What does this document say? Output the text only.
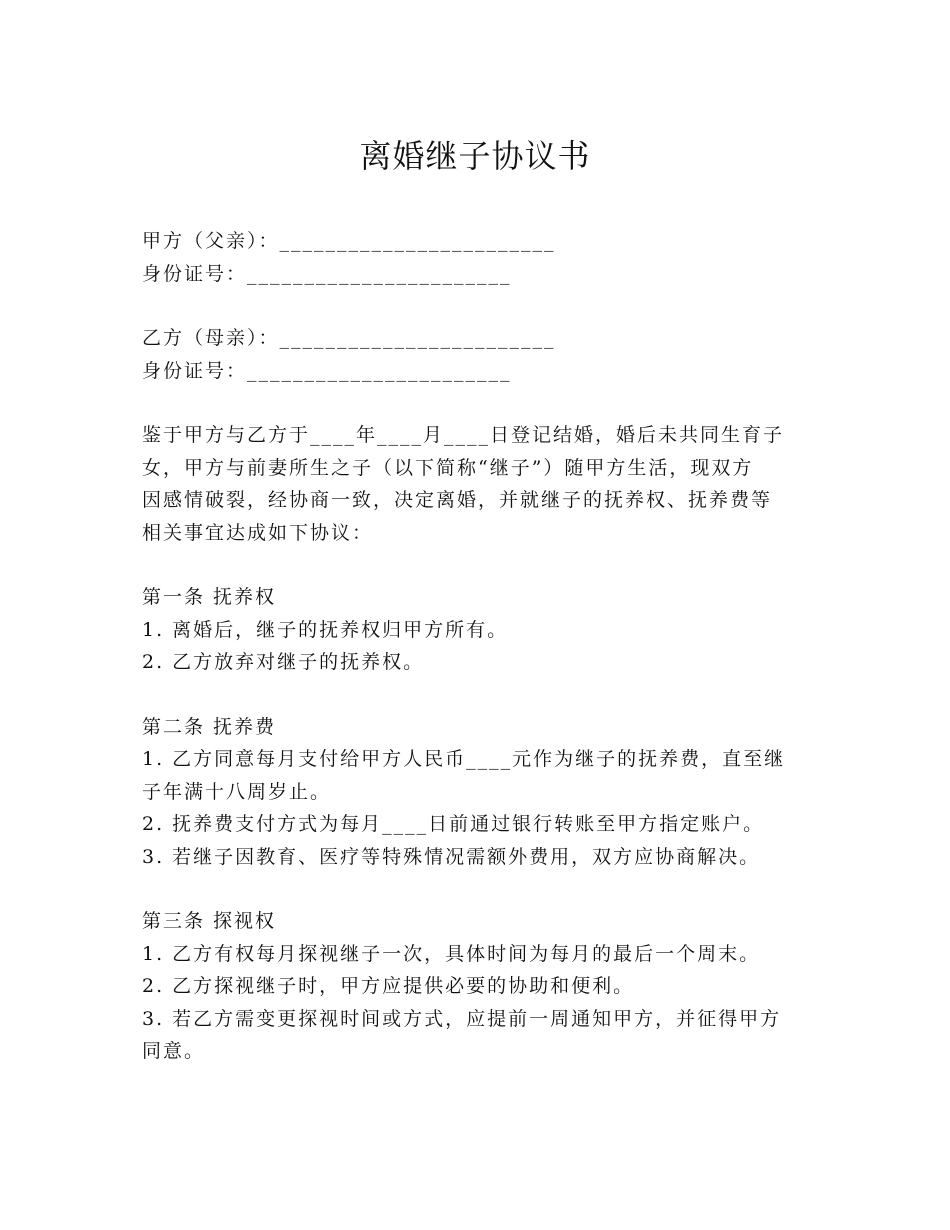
离婚继子协议书
甲方（父亲）：________________________
身份证号：_______________________
乙方（母亲）：________________________
身份证号：_______________________
鉴于甲方与乙方于____年____月____日登记结婚，婚后未共同生育子
女，甲方与前妻所生之子（以下简称“继子”）随甲方生活，现双方
因感情破裂，经协商一致，决定离婚，并就继子的抚养权、抚养费等
相关事宜达成如下协议：
第一条 抚养权
1. 离婚后，继子的抚养权归甲方所有。
2. 乙方放弃对继子的抚养权。
第二条 抚养费
1. 乙方同意每月支付给甲方人民币____元作为继子的抚养费，直至继
子年满十八周岁止。
2. 抚养费支付方式为每月____日前通过银行转账至甲方指定账户。
3. 若继子因教育、医疗等特殊情况需额外费用，双方应协商解决。
第三条 探视权
1. 乙方有权每月探视继子一次，具体时间为每月的最后一个周末。
2. 乙方探视继子时，甲方应提供必要的协助和便利。
3. 若乙方需变更探视时间或方式，应提前一周通知甲方，并征得甲方
同意。
